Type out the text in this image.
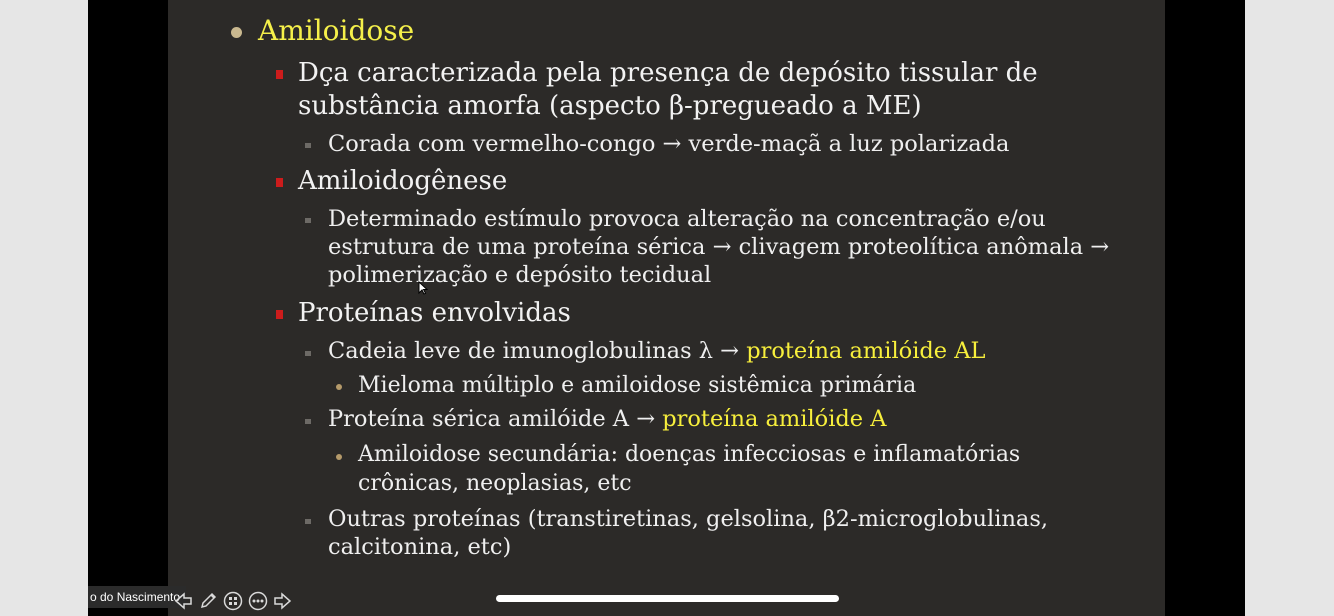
Amiloidose
Dça caracterizada pela presença de depósito tissular de
substância amorfa (aspecto β-pregueado a ME)
Corada com vermelho-congo → verde-maçã a luz polarizada
Amiloidogênese
Determinado estímulo provoca alteração na concentração e/ou
estrutura de uma proteína sérica → clivagem proteolítica anômala →
polimerização e depósito tecidual
Proteínas envolvidas
Cadeia leve de imunoglobulinas λ → proteína amilóide AL
Mieloma múltiplo e amiloidose sistêmica primária
Proteína sérica amilóide A → proteína amilóide A
Amiloidose secundária: doenças infecciosas e inflamatórias
crônicas, neoplasias, etc
Outras proteínas (transtiretinas, gelsolina, β2-microglobulinas,
calcitonina, etc)
o do Nascimento
